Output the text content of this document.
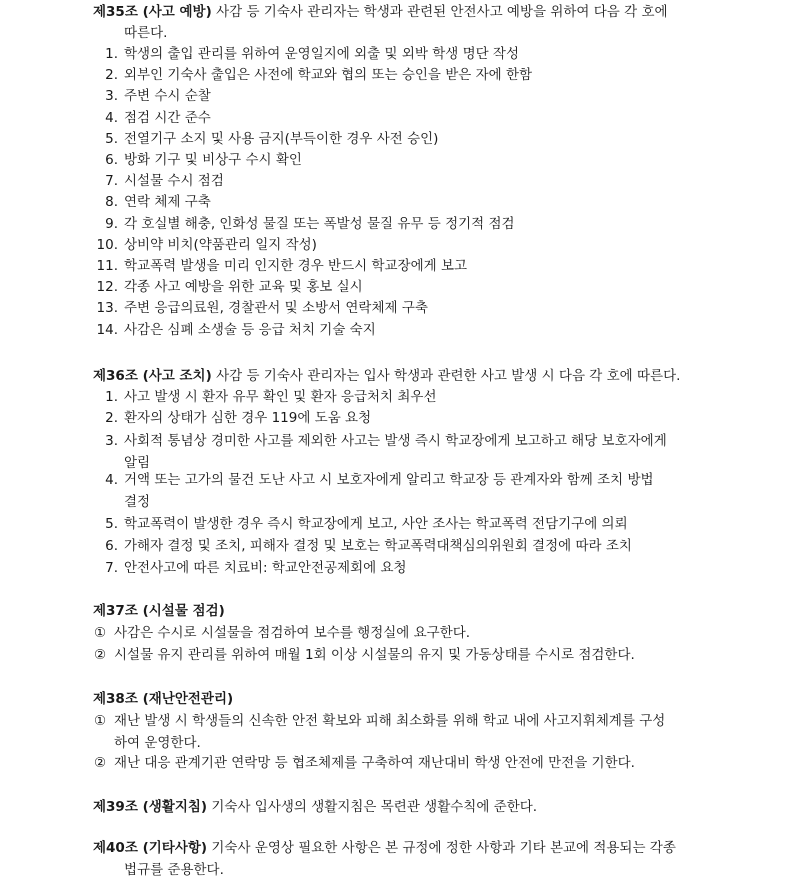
제35조 (사고 예방) 사감 등 기숙사 관리자는 학생과 관련된 안전사고 예방을 위하여 다음 각 호에
따른다.
1. 학생의 출입 관리를 위하여 운영일지에 외출 및 외박 학생 명단 작성
2. 외부인 기숙사 출입은 사전에 학교와 협의 또는 승인을 받은 자에 한함
3. 주변 수시 순찰
4. 점검 시간 준수
5. 전열기구 소지 및 사용 금지(부득이한 경우 사전 승인)
6. 방화 기구 및 비상구 수시 확인
7. 시설물 수시 점검
8. 연락 체제 구축
9. 각 호실별 해충, 인화성 물질 또는 폭발성 물질 유무 등 정기적 점검
10. 상비약 비치(약품관리 일지 작성)
11. 학교폭력 발생을 미리 인지한 경우 반드시 학교장에게 보고
12. 각종 사고 예방을 위한 교육 및 홍보 실시
13. 주변 응급의료원, 경찰관서 및 소방서 연락체제 구축
14. 사감은 심폐 소생술 등 응급 처치 기술 숙지
제36조 (사고 조치) 사감 등 기숙사 관리자는 입사 학생과 관련한 사고 발생 시 다음 각 호에 따른다.
1. 사고 발생 시 환자 유무 확인 및 환자 응급처치 최우선
2. 환자의 상태가 심한 경우 119에 도움 요청
3. 사회적 통념상 경미한 사고를 제외한 사고는 발생 즉시 학교장에게 보고하고 해당 보호자에게
알림
4. 거액 또는 고가의 물건 도난 사고 시 보호자에게 알리고 학교장 등 관계자와 함께 조치 방법
결정
5. 학교폭력이 발생한 경우 즉시 학교장에게 보고, 사안 조사는 학교폭력 전담기구에 의뢰
6. 가해자 결정 및 조치, 피해자 결정 및 보호는 학교폭력대책심의위원회 결정에 따라 조치
7. 안전사고에 따른 치료비: 학교안전공제회에 요청
제37조 (시설물 점검)
① 사감은 수시로 시설물을 점검하여 보수를 행정실에 요구한다.
② 시설물 유지 관리를 위하여 매월 1회 이상 시설물의 유지 및 가동상태를 수시로 점검한다.
제38조 (재난안전관리)
① 재난 발생 시 학생들의 신속한 안전 확보와 피해 최소화를 위해 학교 내에 사고지휘체계를 구성
하여 운영한다.
② 재난 대응 관계기관 연락망 등 협조체제를 구축하여 재난대비 학생 안전에 만전을 기한다.
제39조 (생활지침) 기숙사 입사생의 생활지침은 목련관 생활수칙에 준한다.
제40조 (기타사항) 기숙사 운영상 필요한 사항은 본 규정에 정한 사항과 기타 본교에 적용되는 각종
법규를 준용한다.
